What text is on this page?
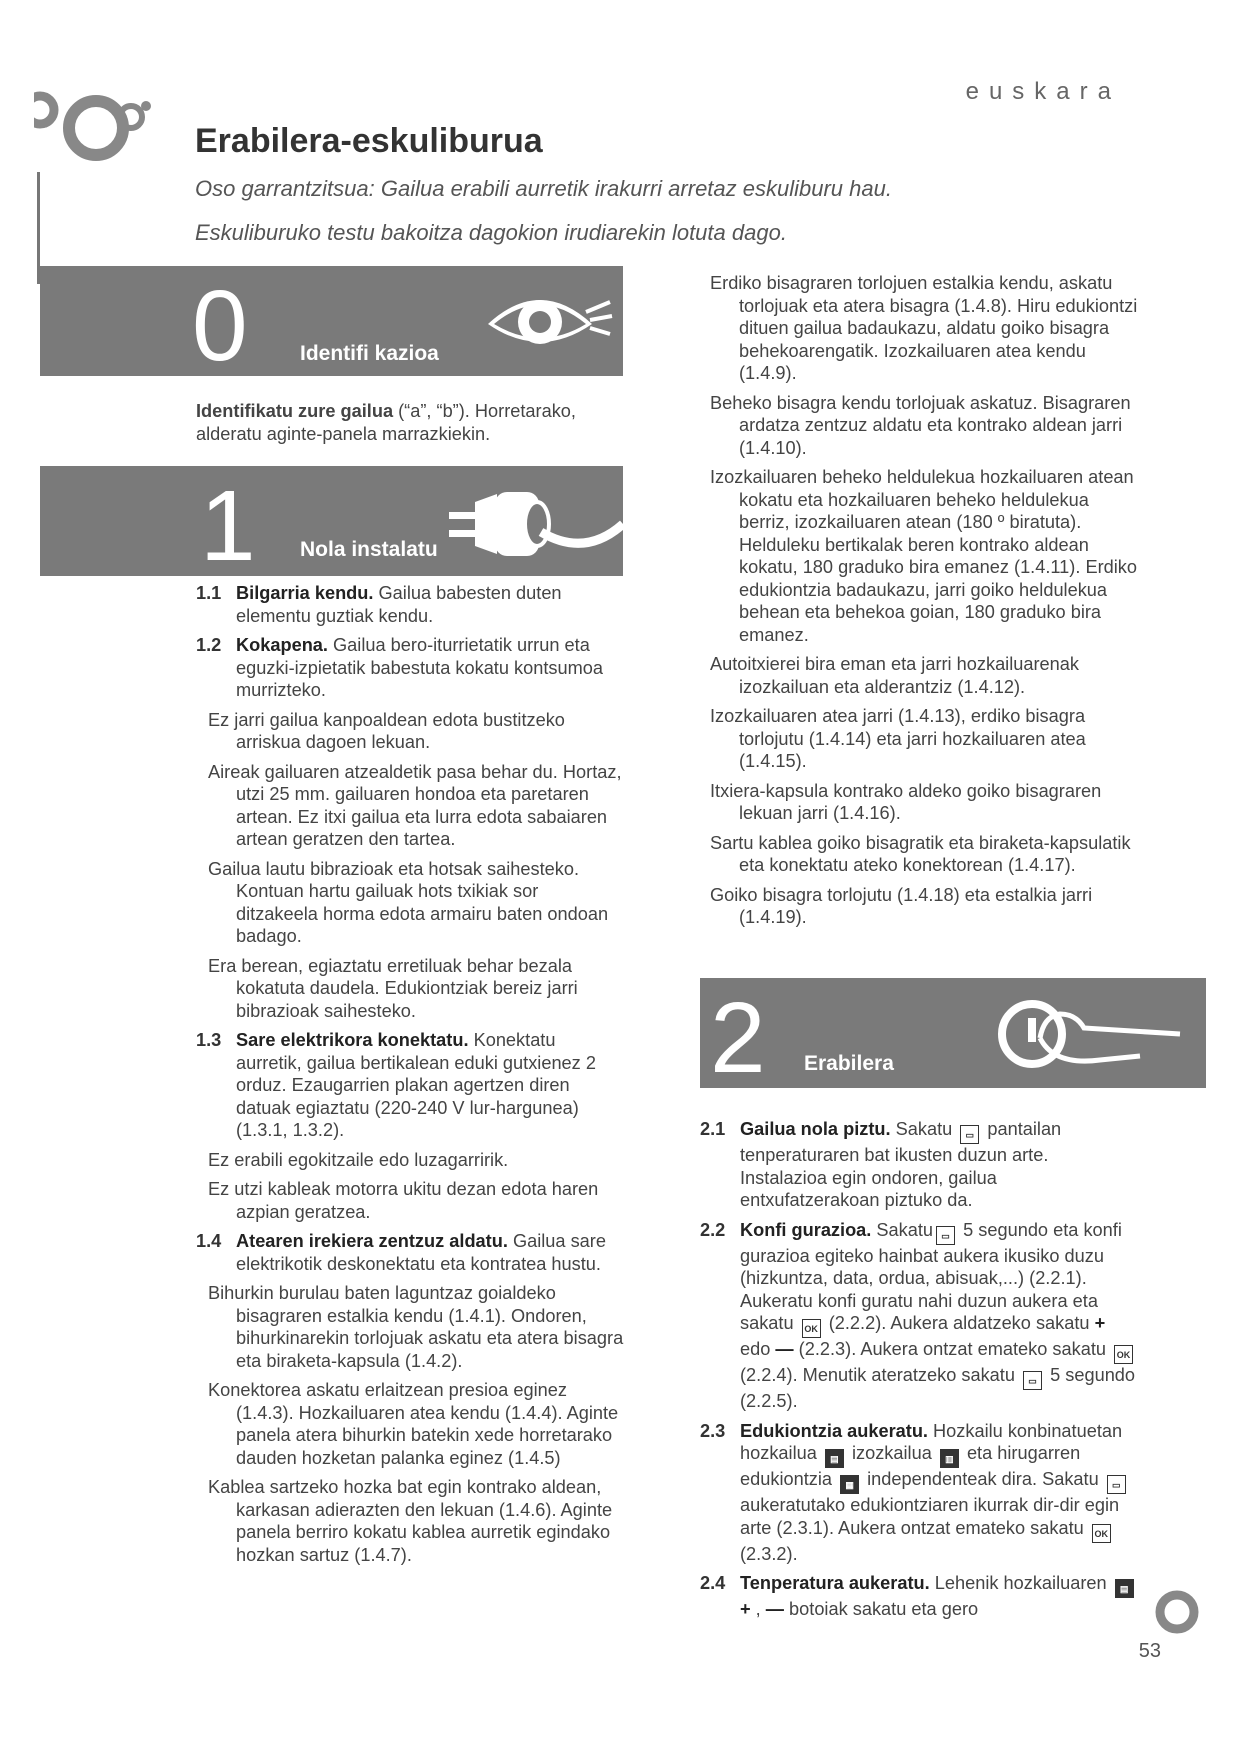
euskara
Erabilera-eskuliburua
Oso garrantzitsua: Gailua erabili aurretik irakurri arretaz eskuliburu hau.
Eskuliburuko testu bakoitza dagokion irudiarekin lotuta dago.
0 Identifi kazioa

Identifikatu zure gailua (“a”, “b”). Horretarako, alderatu aginte-panela marrazkiekin.

1 Nola instalatu

1.1 Bilgarria kendu. Gailua babesten duten elementu guztiak kendu.

1.2 Kokapena. Gailua bero-iturrietatik urrun eta eguzki-izpietatik babestuta kokatu kontsumoa murrizteko.

Ez jarri gailua kanpoaldean edota bustitzeko arriskua dagoen lekuan.

Aireak gailuaren atzealdetik pasa behar du. Hortaz, utzi 25 mm. gailuaren hondoa eta paretaren artean. Ez itxi gailua eta lurra edota sabaiaren artean geratzen den tartea.

Gailua lautu bibrazioak eta hotsak saihesteko. Kontuan hartu gailuak hots txikiak sor ditzakeela horma edota armairu baten ondoan badago.

Era berean, egiaztatu erretiluak behar bezala kokatuta daudela. Edukiontziak bereiz jarri bibrazioak saihesteko.

1.3 Sare elektrikora konektatu. Konektatu aurretik, gailua bertikalean eduki gutxienez 2 orduz. Ezaugarrien plakan agertzen diren datuak egiaztatu (220-240 V lur-hargunea) (1.3.1, 1.3.2).

Ez erabili egokitzaile edo luzagarririk.

Ez utzi kableak motorra ukitu dezan edota haren azpian geratzea.

1.4 Atearen irekiera zentzuz aldatu. Gailua sare elektrikotik deskonektatu eta kontratea hustu.

Bihurkin burulau baten laguntzaz goialdeko bisagraren estalkia kendu (1.4.1). Ondoren, bihurkinarekin torlojuak askatu eta atera bisagra eta biraketa-kapsula (1.4.2).

Konektorea askatu erlaitzean presioa eginez (1.4.3). Hozkailuaren atea kendu (1.4.4). Aginte panela atera bihurkin batekin xede horretarako dauden hozketan palanka eginez (1.4.5)

Kablea sartzeko hozka bat egin kontrako aldean, karkasan adierazten den lekuan (1.4.6). Aginte panela berriro kokatu kablea aurretik egindako hozkan sartuz (1.4.7).

Erdiko bisagraren torlojuen estalkia kendu, askatu torlojuak eta atera bisagra (1.4.8). Hiru edukiontzi dituen gailua badaukazu, aldatu goiko bisagra behekoarengatik. Izozkailuaren atea kendu (1.4.9).

Beheko bisagra kendu torlojuak askatuz. Bisagraren ardatza zentzuz aldatu eta kontrako aldean jarri (1.4.10).

Izozkailuaren beheko heldulekua hozkailuaren atean kokatu eta hozkailuaren beheko heldulekua berriz, izozkailuaren atean (180 º biratuta). Helduleku bertikalak beren kontrako aldean kokatu, 180 graduko bira emanez (1.4.11). Erdiko edukiontzia badaukazu, jarri goiko heldulekua behean eta behekoa goian, 180 graduko bira emanez.

Autoitxierei bira eman eta jarri hozkailuarenak izozkailuan eta alderantziz (1.4.12).

Izozkailuaren atea jarri (1.4.13), erdiko bisagra torlojutu (1.4.14) eta jarri hozkailuaren atea (1.4.15).

Itxiera-kapsula kontrako aldeko goiko bisagraren lekuan jarri (1.4.16).

Sartu kablea goiko bisagratik eta biraketa-kapsulatik eta konektatu ateko konektorean (1.4.17).

Goiko bisagra torlojutu (1.4.18) eta estalkia jarri (1.4.19).

2 Erabilera

2.1 Gailua nola piztu. Sakatu ▭ pantailan tenperaturaren bat ikusten duzun arte. Instalazioa egin ondoren, gailua entxufatzerakoan piztuko da.

2.2 Konfi gurazioa. Sakatu ▭ 5 segundo eta konfi gurazioa egiteko hainbat aukera ikusiko duzu (hizkuntza, data, ordua, abisuak,...) (2.2.1). Aukeratu konfi guratu nahi duzun aukera eta sakatu OK (2.2.2). Aukera aldatzeko sakatu + edo — (2.2.3). Aukera ontzat emateko sakatu OK (2.2.4). Menutik ateratzeko sakatu ▭ 5 segundo (2.2.5).

2.3 Edukiontzia aukeratu. Hozkailu konbinatuetan hozkailua ▤ izozkailua ▥ eta hirugarren edukiontzia ▦ independenteak dira. Sakatu ▭ aukeratutako edukiontziaren ikurrak dir-dir egin arte (2.3.1). Aukera ontzat emateko sakatu OK (2.3.2).

2.4 Tenperatura aukeratu. Lehenik hozkailuaren ▤+ , — botoiak sakatu eta gero

53
